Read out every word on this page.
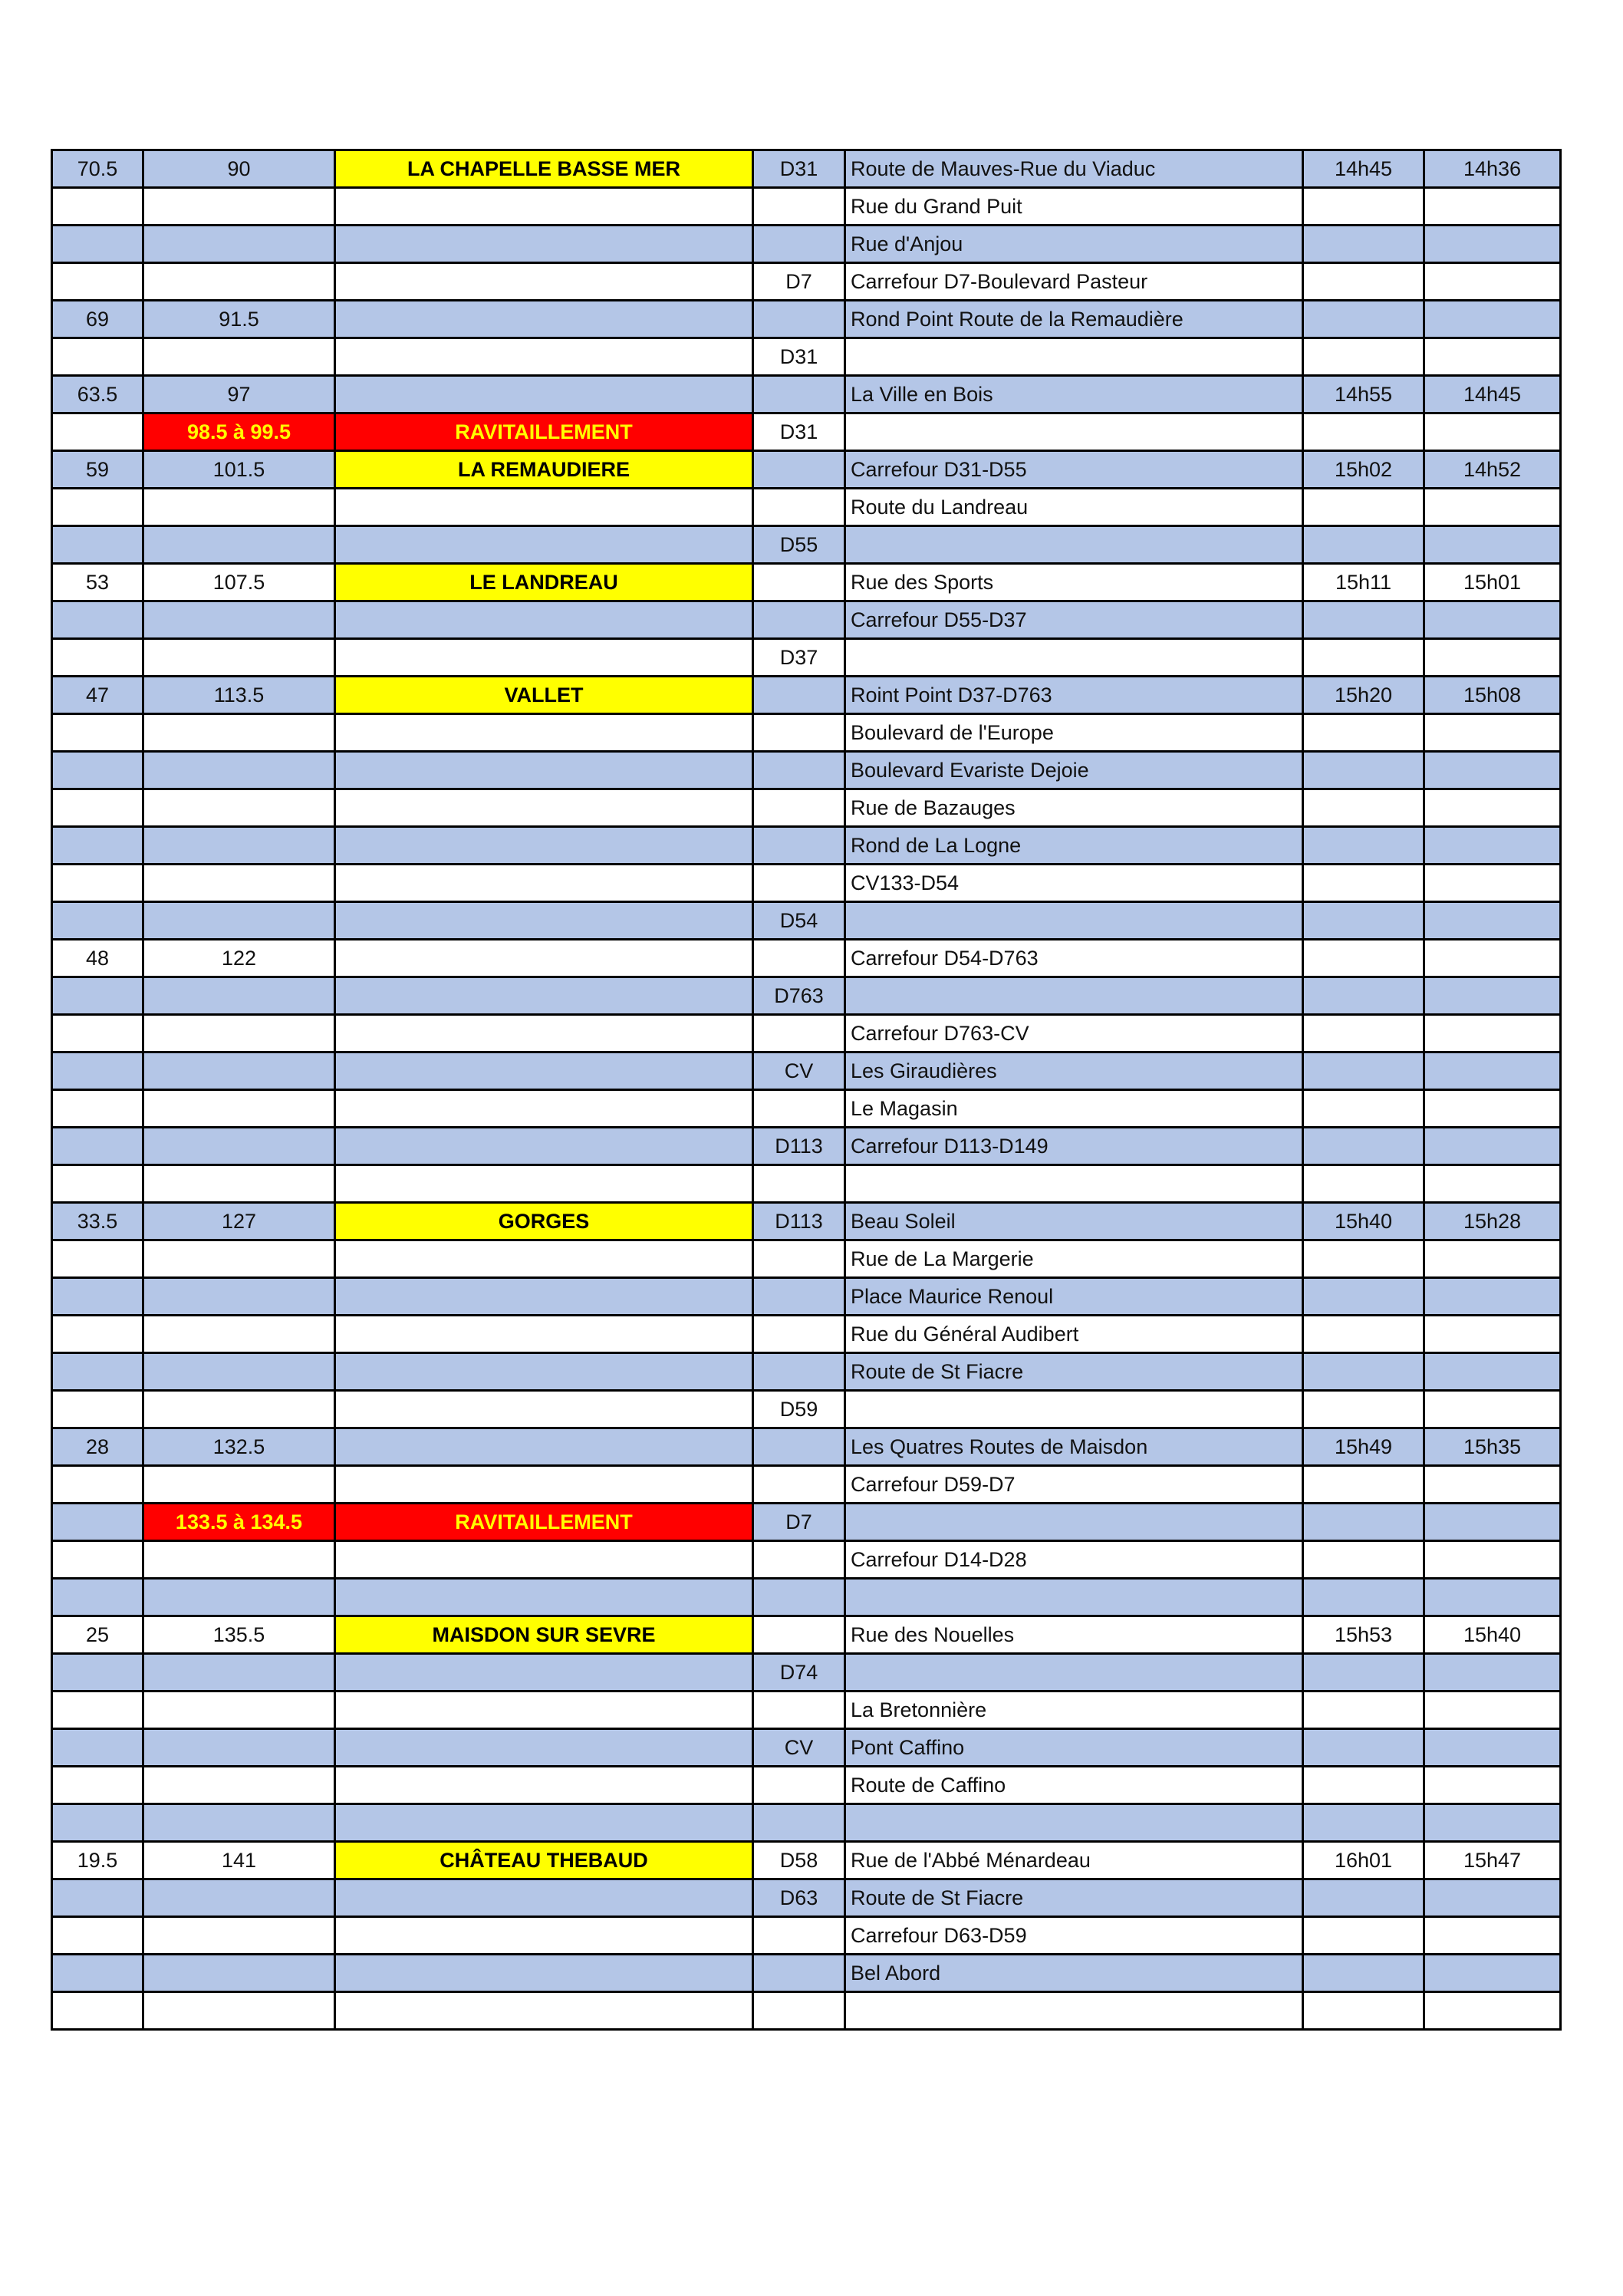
70.5	90	LA CHAPELLE BASSE MER	D31	Route de Mauves-Rue du Viaduc	14h45	14h36
				Rue du Grand Puit		
				Rue d'Anjou		
			D7	Carrefour D7-Boulevard Pasteur		
69	91.5			Rond Point Route de la Remaudière		
			D31			
63.5	97			La Ville en Bois	14h55	14h45
	98.5 à 99.5	RAVITAILLEMENT	D31			
59	101.5	LA REMAUDIERE		Carrefour D31-D55	15h02	14h52
				Route du Landreau		
			D55			
53	107.5	LE LANDREAU		Rue des Sports	15h11	15h01
				Carrefour D55-D37		
			D37			
47	113.5	VALLET		Roint Point D37-D763	15h20	15h08
				Boulevard de l'Europe		
				Boulevard Evariste Dejoie		
				Rue de Bazauges		
				Rond de La Logne		
				CV133-D54		
			D54			
48	122			Carrefour D54-D763		
			D763			
				Carrefour D763-CV		
			CV	Les Giraudières		
				Le Magasin		
			D113	Carrefour D113-D149		

33.5	127	GORGES	D113	Beau Soleil	15h40	15h28
				Rue de La Margerie		
				Place Maurice Renoul		
				Rue du Général Audibert		
				Route de St Fiacre		
			D59			
28	132.5			Les Quatres Routes de Maisdon	15h49	15h35
				Carrefour D59-D7		
	133.5 à 134.5	RAVITAILLEMENT	D7			
				Carrefour D14-D28		

25	135.5	MAISDON SUR SEVRE		Rue des Nouelles	15h53	15h40
			D74			
				La Bretonnière		
			CV	Pont Caffino		
				Route de Caffino		

19.5	141	CHÂTEAU THEBAUD	D58	Rue de l'Abbé Ménardeau	16h01	15h47
			D63	Route de St Fiacre		
				Carrefour D63-D59		
				Bel Abord		
